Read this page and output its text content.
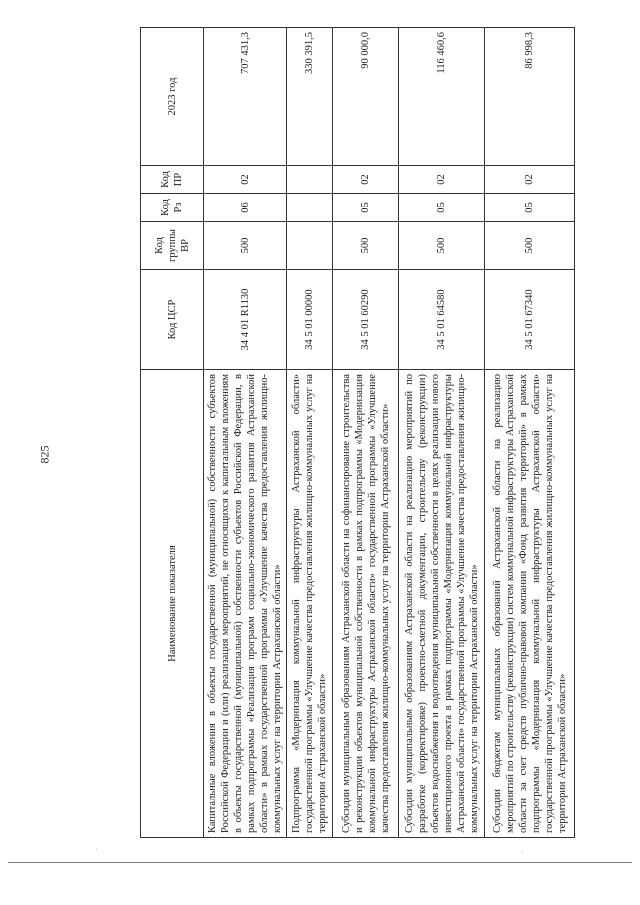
825
Наименование показателя	Код ЦСР	Код группы ВР	Код Рз	Код ПР	2023 год
Капитальные вложения в объекты государственной (муниципальной) собственности субъектов Российской Федерации и (или) реализация мероприятий, не относящихся к капитальным вложениям в объекты государственной (муниципальной) собственности субъектов Российской Федерации, в рамках подпрограммы «Реализация программ социально-экономического развития Астраханской области» в рамках государственной программы «Улучшение качества предоставления жилищно-коммунальных услуг на территории Астраханской области»	34 4 01 R1130	500	06	02	707 431,3
Подпрограмма «Модернизация коммунальной инфраструктуры Астраханской области» государственной программы «Улучшение качества предоставления жилищно-коммунальных услуг на территории Астраханской области»	34 5 01 00000				330 391,5
Субсидии муниципальным образованиям Астраханской области на софинансирование строительства и реконструкции объектов муниципальной собственности в рамках подпрограммы «Модернизация коммунальной инфраструктуры Астраханской области» государственной программы «Улучшение качества предоставления жилищно-коммунальных услуг на территории Астраханской области»	34 5 01 60290	500	05	02	90 000,0
Субсидии муниципальным образованиям Астраханской области на реализацию мероприятий по разработке (корректировке) проектно-сметной документации, строительству (реконструкции) объектов водоснабжения и водоотведения муниципальной собственности в целях реализации нового инвестиционного проекта в рамках подпрограммы «Модернизация коммунальной инфраструктуры Астраханской области» государственной программы «Улучшение качества предоставления жилищно-коммунальных услуг на территории Астраханской области»	34 5 01 64580	500	05	02	116 460,6
Субсидии бюджетам муниципальных образований Астраханской области на реализацию мероприятий по строительству (реконструкции) систем коммунальной инфраструктуры Астраханской области за счет средств публично-правовой компании «Фонд развития территорий» в рамках подпрограммы «Модернизация коммунальной инфраструктуры Астраханской области» государственной программы «Улучшение качества предоставления жилищно-коммунальных услуг на территории Астраханской области»	34 5 01 67340	500	05	02	86 998,3
·	·
